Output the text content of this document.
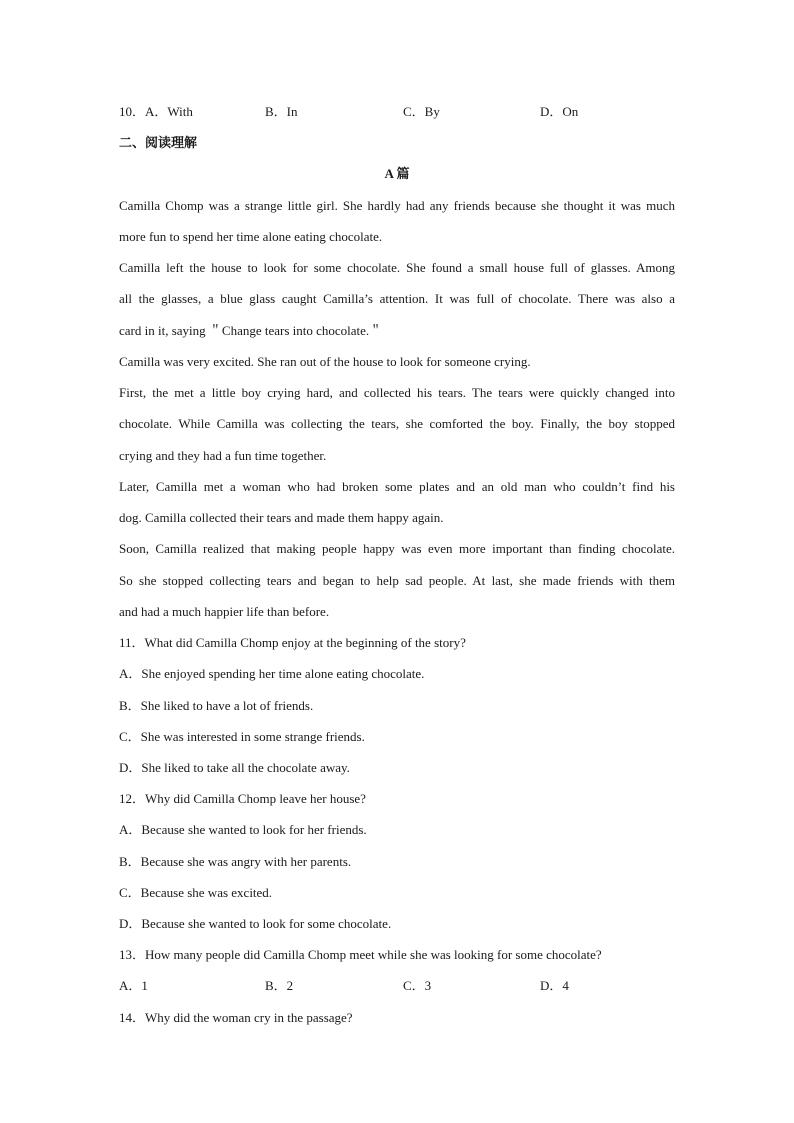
10．A．With	B．In	C．By	D．On
二、阅读理解
A 篇
Camilla Chomp was a strange little girl. She hardly had any friends because she thought it was much
more fun to spend her time alone eating chocolate.
Camilla left the house to look for some chocolate. She found a small house full of glasses. Among
all the glasses, a blue glass caught Camilla’s attention. It was full of chocolate. There was also a
card in it, saying ＂Change tears into chocolate.＂
Camilla was very excited. She ran out of the house to look for someone crying.
First, the met a little boy crying hard, and collected his tears. The tears were quickly changed into
chocolate. While Camilla was collecting the tears, she comforted the boy. Finally, the boy stopped
crying and they had a fun time together.
Later, Camilla met a woman who had broken some plates and an old man who couldn’t find his
dog. Camilla collected their tears and made them happy again.
Soon, Camilla realized that making people happy was even more important than finding chocolate.
So she stopped collecting tears and began to help sad people. At last, she made friends with them
and had a much happier life than before.
11．What did Camilla Chomp enjoy at the beginning of the story?
A．She enjoyed spending her time alone eating chocolate.
B．She liked to have a lot of friends.
C．She was interested in some strange friends.
D．She liked to take all the chocolate away.
12．Why did Camilla Chomp leave her house?
A．Because she wanted to look for her friends.
B．Because she was angry with her parents.
C．Because she was excited.
D．Because she wanted to look for some chocolate.
13．How many people did Camilla Chomp meet while she was looking for some chocolate?
A．1	B．2	C．3	D．4
14．Why did the woman cry in the passage?
